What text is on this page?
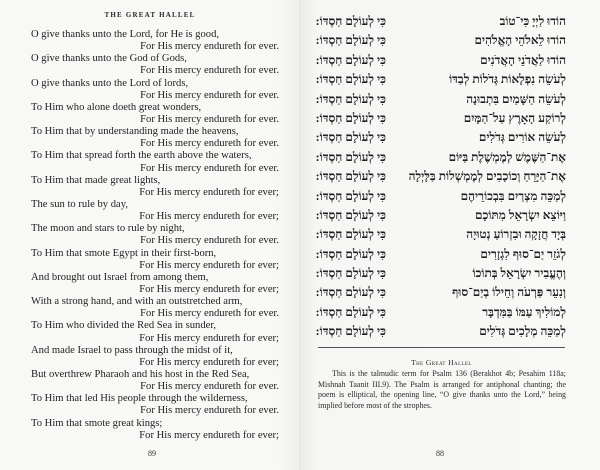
THE GREAT HALLEL
O give thanks unto the Lord, for He is good,
For His mercy endureth for ever.
O give thanks unto the God of Gods,
For His mercy endureth for ever.
O give thanks unto the Lord of lords,
For His mercy endureth for ever.
To Him who alone doeth great wonders,
For His mercy endureth for ever.
To Him that by understanding made the heavens,
For His mercy endureth for ever.
To Him that spread forth the earth above the waters,
For His mercy endureth for ever.
To Him that made great lights,
For His mercy endureth for ever;
The sun to rule by day,
For His mercy endureth for ever;
The moon and stars to rule by night,
For His mercy endureth for ever.
To Him that smote Egypt in their first-born,
For His mercy endureth for ever;
And brought out Israel from among them,
For His mercy endureth for ever;
With a strong hand, and with an outstretched arm,
For His mercy endureth for ever.
To Him who divided the Red Sea in sunder,
For His mercy endureth for ever;
And made Israel to pass through the midst of it,
For His mercy endureth for ever;
But overthrew Pharaoh and his host in the Red Sea,
For His mercy endureth for ever.
To Him that led His people through the wilderness,
For His mercy endureth for ever.
To Him that smote great kings;
For His mercy endureth for ever;
89
כִּי לְעוֹלָם חַסְדּוֹ:	הוֹדוּ לַיְיָ כִּי־טוֹב
כִּי לְעוֹלָם חַסְדּוֹ:	הוֹדוּ לֵאלֹהֵי הָאֱלֹהִים
כִּי לְעוֹלָם חַסְדּוֹ:	הוֹדוּ לַאֲדֹנֵי הָאֲדֹנִים
כִּי לְעוֹלָם חַסְדּוֹ:	לְעֹשֵׂה נִפְלָאוֹת גְּדֹלוֹת לְבַדּוֹ
כִּי לְעוֹלָם חַסְדּוֹ:	לְעֹשֵׂה הַשָּׁמַיִם בִּתְבוּנָה
כִּי לְעוֹלָם חַסְדּוֹ:	לְרוֹקַע הָאָרֶץ עַל־הַמָּיִם
כִּי לְעוֹלָם חַסְדּוֹ:	לְעֹשֵׂה אוֹרִים גְּדֹלִים
כִּי לְעוֹלָם חַסְדּוֹ:	אֶת־הַשֶּׁמֶשׁ לְמֶמְשֶׁלֶת בַּיּוֹם
כִּי לְעוֹלָם חַסְדּוֹ: אֶת־הַיָּרֵחַ וְכוֹכָבִים לְמֶמְשְׁלוֹת בַּלָּיְלָה
כִּי לְעוֹלָם חַסְדּוֹ:	לְמַכֵּה מִצְרַיִם בִּבְכוֹרֵיהֶם
כִּי לְעוֹלָם חַסְדּוֹ:	וַיּוֹצֵא יִשְׂרָאֵל מִתּוֹכָם
כִּי לְעוֹלָם חַסְדּוֹ:	בְּיָד חֲזָקָה וּבִזְרוֹעַ נְטוּיָה
כִּי לְעוֹלָם חַסְדּוֹ:	לְגֹזֵר יַם־סוּף לִגְזָרִים
כִּי לְעוֹלָם חַסְדּוֹ:	וְהֶעֱבִיר יִשְׂרָאֵל בְּתוֹכוֹ
כִּי לְעוֹלָם חַסְדּוֹ:	וְנִעֵר פַּרְעֹה וְחֵילוֹ בְיַם־סוּף
כִּי לְעוֹלָם חַסְדּוֹ:	לְמוֹלִיךְ עַמּוֹ בַּמִּדְבָּר
כִּי לְעוֹלָם חַסְדּוֹ:	לְמַכֵּה מְלָכִים גְּדֹלִים
The Great Hallel
This is the talmudic term for Psalm 136 (Berakhot 4b; Pesahim 118a; Mishnah Taanit III.9). The Psalm is arranged for antiphonal chanting; the poem is elliptical, the opening line, “O give thanks unto the Lord,” being implied before most of the strophes.
88
